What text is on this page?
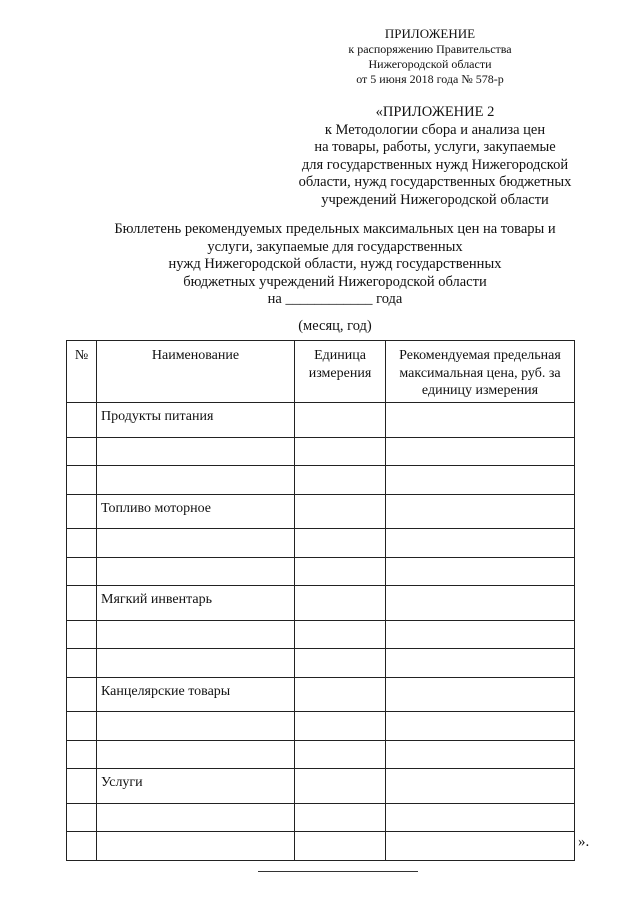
ПРИЛОЖЕНИЕ
к распоряжению Правительства
Нижегородской области
от 5 июня 2018 года № 578-р
«ПРИЛОЖЕНИЕ 2
к Методологии сбора и анализа цен
на товары, работы, услуги, закупаемые
для государственных нужд Нижегородской
области, нужд государственных бюджетных
учреждений Нижегородской области
Бюллетень рекомендуемых предельных максимальных цен на товары и
услуги, закупаемые для государственных
нужд Нижегородской области, нужд государственных
бюджетных учреждений Нижегородской области
на ____________ года
(месяц, год)
№	Наименование	Единица измерения	Рекомендуемая предельная максимальная цена, руб. за единицу измерения
	Продукты питания		

	Топливо моторное		

	Мягкий инвентарь		

	Канцелярские товары		

	Услуги		

».
